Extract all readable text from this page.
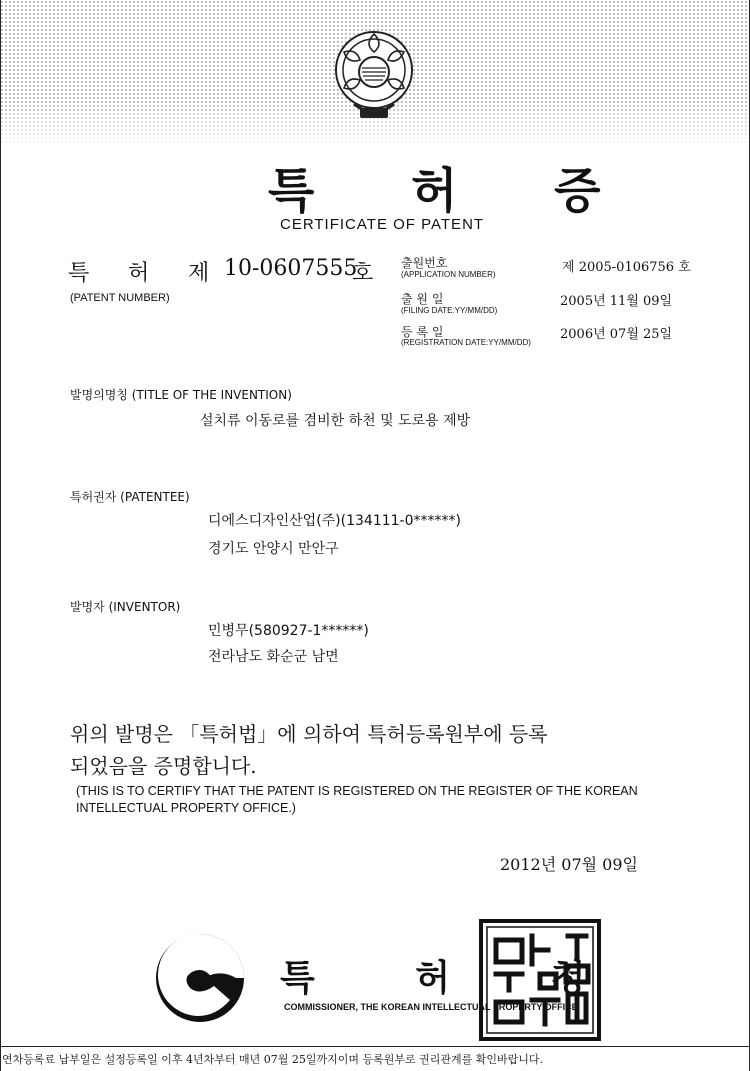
특 허 증
CERTIFICATE OF PATENT
특 허 제 10-0607555
호
(PATENT NUMBER)
출원번호
(APPLICATION NUMBER)	제 2005-0106756 호
출 원 일
(FILING DATE:YY/MM/DD)
2005년 11월 09일
등 록 일
(REGISTRATION DATE:YY/MM/DD)
2006년 07월 25일
발명의명칭 (TITLE OF THE INVENTION)
설치류 이동로를 겸비한 하천 및 도로용 제방
특허권자 (PATENTEE)
디에스디자인산업(주)(134111-0******)
경기도 안양시 만안구
발명자 (INVENTOR)
민병무(580927-1******)
전라남도 화순군 남면
위의 발명은 「특허법」에 의하여 특허등록원부에 등록
되었음을 증명합니다.
(THIS IS TO CERTIFY THAT THE PATENT IS REGISTERED ON THE REGISTER OF THE KOREAN
INTELLECTUAL PROPERTY OFFICE.)
2012년 07월 09일
특 허 청
COMMISSIONER, THE KOREAN INTELLECTUAL PROPERTY OFFICE
연차등록료 납부일은 설정등록일 이후 4년차부터 매년 07월 25일까지이며 등록원부로 권리관계를 확인바랍니다.
